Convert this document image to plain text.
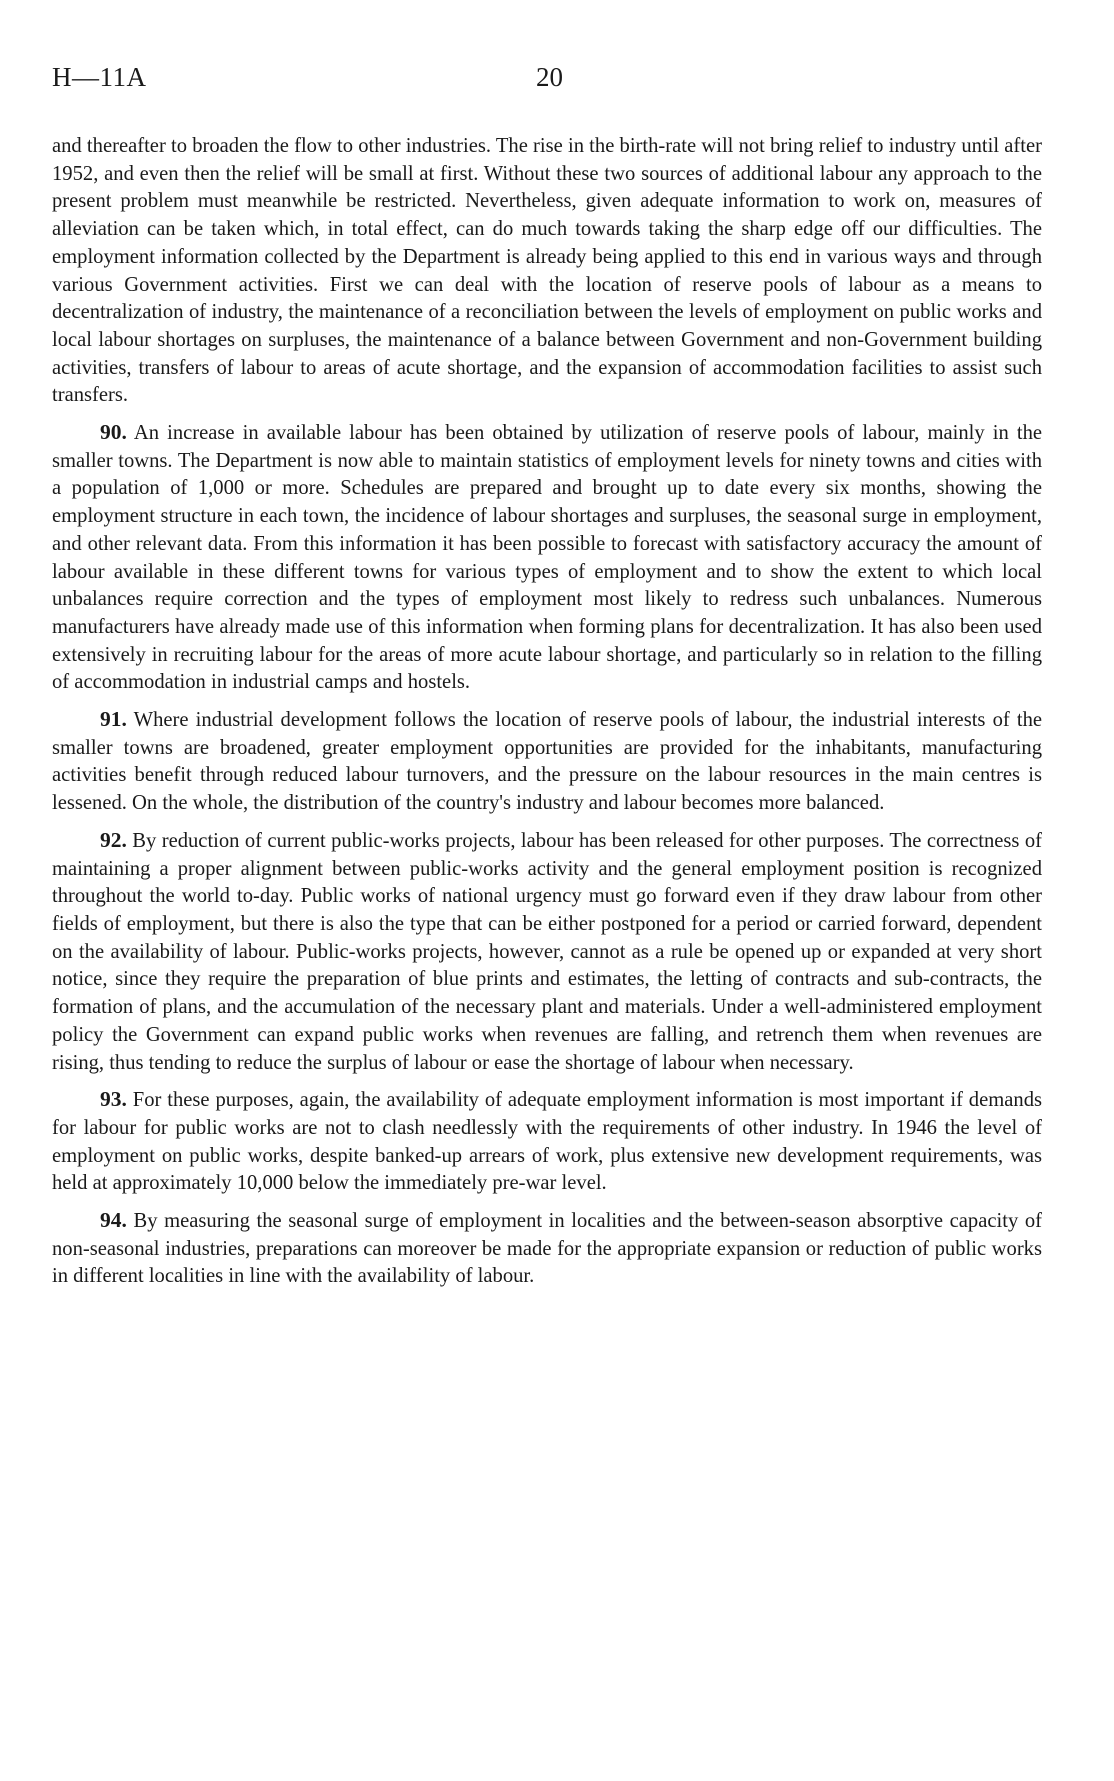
H—11A	20

and thereafter to broaden the flow to other industries. The rise in the birth-rate will not bring relief to industry until after 1952, and even then the relief will be small at first. Without these two sources of additional labour any approach to the present problem must meanwhile be restricted. Nevertheless, given adequate information to work on, measures of alleviation can be taken which, in total effect, can do much towards taking the sharp edge off our difficulties. The employment information collected by the Department is already being applied to this end in various ways and through various Government activities. First we can deal with the location of reserve pools of labour as a means to decentralization of industry, the maintenance of a reconciliation between the levels of employment on public works and local labour shortages on surpluses, the maintenance of a balance between Government and non-Government building activities, transfers of labour to areas of acute shortage, and the expansion of accommodation facilities to assist such transfers.

90. An increase in available labour has been obtained by utilization of reserve pools of labour, mainly in the smaller towns. The Department is now able to maintain statistics of employment levels for ninety towns and cities with a population of 1,000 or more. Schedules are prepared and brought up to date every six months, showing the employment structure in each town, the incidence of labour shortages and surpluses, the seasonal surge in employment, and other relevant data. From this information it has been possible to forecast with satisfactory accuracy the amount of labour available in these different towns for various types of employment and to show the extent to which local unbalances require correction and the types of employment most likely to redress such unbalances. Numerous manufacturers have already made use of this information when forming plans for decentralization. It has also been used extensively in recruiting labour for the areas of more acute labour shortage, and particularly so in relation to the filling of accommodation in industrial camps and hostels.

91. Where industrial development follows the location of reserve pools of labour, the industrial interests of the smaller towns are broadened, greater employment opportunities are provided for the inhabitants, manufacturing activities benefit through reduced labour turnovers, and the pressure on the labour resources in the main centres is lessened. On the whole, the distribution of the country's industry and labour becomes more balanced.

92. By reduction of current public-works projects, labour has been released for other purposes. The correctness of maintaining a proper alignment between public-works activity and the general employment position is recognized throughout the world to-day. Public works of national urgency must go forward even if they draw labour from other fields of employment, but there is also the type that can be either postponed for a period or carried forward, dependent on the availability of labour. Public-works projects, however, cannot as a rule be opened up or expanded at very short notice, since they require the preparation of blue prints and estimates, the letting of contracts and sub-contracts, the formation of plans, and the accumulation of the necessary plant and materials. Under a well-administered employment policy the Government can expand public works when revenues are falling, and retrench them when revenues are rising, thus tending to reduce the surplus of labour or ease the shortage of labour when necessary.

93. For these purposes, again, the availability of adequate employment information is most important if demands for labour for public works are not to clash needlessly with the requirements of other industry. In 1946 the level of employment on public works, despite banked-up arrears of work, plus extensive new development requirements, was held at approximately 10,000 below the immediately pre-war level.

94. By measuring the seasonal surge of employment in localities and the between-season absorptive capacity of non-seasonal industries, preparations can moreover be made for the appropriate expansion or reduction of public works in different localities in line with the availability of labour.
